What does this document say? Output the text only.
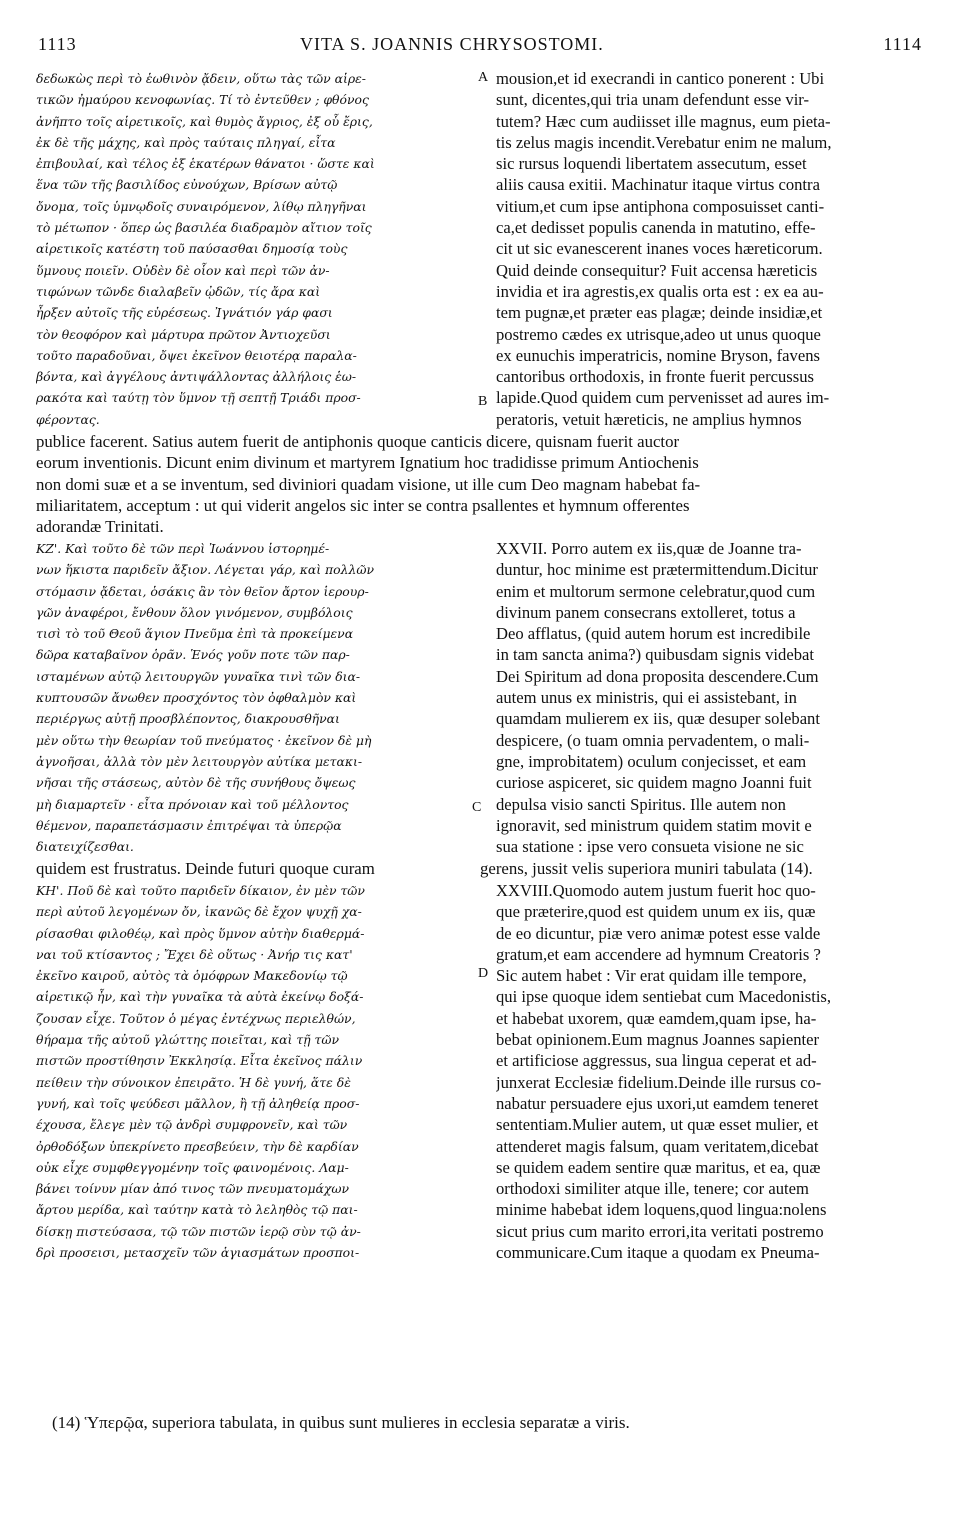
1113	VITA S. JOANNIS CHRYSOSTOMI.	1114
δεδωκὼς περὶ τὸ ἑωθινὸν ᾄδειν, οὕτω τὰς τῶν αἱρε-
τικῶν ἠμαύρου κενοφωνίας. Τί τὸ ἐντεῦθεν ; φθόνος
ἀνῆπτο τοῖς αἱρετικοῖς, καὶ θυμὸς ἄγριος, ἐξ οὗ ἔρις,
ἐκ δὲ τῆς μάχης, καὶ πρὸς ταύταις πληγαί, εἶτα
ἐπιβουλαί, καὶ τέλος ἐξ ἑκατέρων θάνατοι · ὥστε καὶ
ἕνα τῶν τῆς βασιλίδος εὐνούχων, Βρίσων αὐτῷ
ὄνομα, τοῖς ὑμνῳδοῖς συναιρόμενον, λίθῳ πληγῆναι
τὸ μέτωπον · ὅπερ ὡς βασιλέα διαδραμὸν αἴτιον τοῖς
αἱρετικοῖς κατέστη τοῦ παύσασθαι δημοσίᾳ τοὺς
ὕμνους ποιεῖν. Οὐδὲν δὲ οἷον καὶ περὶ τῶν ἀν-
τιφώνων τῶνδε διαλαβεῖν ᾠδῶν, τίς ἄρα καὶ
ἦρξεν αὐτοῖς τῆς εὑρέσεως. Ἰγνάτιόν γάρ φασι
τὸν θεοφόρον καὶ μάρτυρα πρῶτον Ἀντιοχεῦσι
τοῦτο παραδοῦναι, ὄψει ἐκεῖνον θειοτέρᾳ παραλα-
βόντα, καὶ ἀγγέλους ἀντιψάλλοντας ἀλλήλοις ἑω-
ρακότα καὶ ταύτῃ τὸν ὕμνον τῇ σεπτῇ Τριάδι προσ-
φέροντας.
mousion,et id execrandi in cantico ponerent : Ubi
sunt, dicentes,qui tria unam defendunt esse vir-
tutem? Hæc cum audiisset ille magnus, eum pieta-
tis zelus magis incendit.Verebatur enim ne malum,
sic rursus loquendi libertatem assecutum, esset
aliis causa exitii. Machinatur itaque virtus contra
vitium,et cum ipse antiphona composuisset canti-
ca,et dedisset populis canenda in matutino, effe-
cit ut sic evanescerent inanes voces hæreticorum.
Quid deinde consequitur? Fuit accensa hæreticis
invidia et ira agrestis,ex qualis orta est : ex ea au-
tem pugnæ,et præter eas plagæ; deinde insidiæ,et
postremo cædes ex utrisque,adeo ut unus quoque
ex eunuchis imperatricis, nomine Bryson, favens
cantoribus orthodoxis, in fronte fuerit percussus
lapide.Quod quidem cum pervenisset ad aures im-
peratoris, vetuit hæreticis, ne amplius hymnos
A
B
publice facerent. Satius autem fuerit de antiphonis quoque canticis dicere, quisnam fuerit auctor
eorum inventionis. Dicunt enim divinum et martyrem Ignatium hoc tradidisse primum Antiochenis
non domi suæ et a se inventum, sed diviniori quadam visione, ut ille cum Deo magnam habebat fa-
miliaritatem, acceptum : ut qui viderit angelos sic inter se contra psallentes et hymnum offerentes
adorandæ Trinitati.
ΚΖ'. Καὶ τοῦτο δὲ τῶν περὶ Ἰωάννου ἱστορημέ-
νων ἥκιστα παριδεῖν ἄξιον. Λέγεται γάρ, καὶ πολλῶν
στόμασιν ᾄδεται, ὁσάκις ἂν τὸν θεῖον ἄρτον ἱερουρ-
γῶν ἀναφέροι, ἔνθουν ὅλον γινόμενον, συμβόλοις
τισὶ τὸ τοῦ Θεοῦ ἅγιον Πνεῦμα ἐπὶ τὰ προκείμενα
δῶρα καταβαῖνον ὁρᾶν. Ἑνός γοῦν ποτε τῶν παρ-
ισταμένων αὐτῷ λειτουργῶν γυναῖκα τινὶ τῶν δια-
κυπτουσῶν ἄνωθεν προσχόντος τὸν ὀφθαλμὸν καὶ
περιέργως αὐτῇ προσβλέποντος, διακρουσθῆναι
μὲν οὕτω τὴν θεωρίαν τοῦ πνεύματος · ἐκεῖνον δὲ μὴ
ἀγνοῆσαι, ἀλλὰ τὸν μὲν λειτουργὸν αὐτίκα μετακι-
νῆσαι τῆς στάσεως, αὐτὸν δὲ τῆς συνήθους ὄψεως
μὴ διαμαρτεῖν · εἶτα πρόνοιαν καὶ τοῦ μέλλοντος
θέμενον, παραπετάσμασιν ἐπιτρέψαι τὰ ὑπερῷα
διατειχίζεσθαι.
XXVII. Porro autem ex iis,quæ de Joanne tra-
duntur, hoc minime est prætermittendum.Dicitur
enim et multorum sermone celebratur,quod cum
divinum panem consecrans extolleret, totus a
Deo afflatus, (quid autem horum est incredibile
in tam sancta anima?) quibusdam signis videbat
Dei Spiritum ad dona proposita descendere.Cum
autem unus ex ministris, qui ei assistebant, in
quamdam mulierem ex iis, quæ desuper solebant
despicere, (o tuam omnia pervadentem, o mali-
gne, improbitatem) oculum conjecisset, et eam
curiose aspiceret, sic quidem magno Joanni fuit
depulsa visio sancti Spiritus. Ille autem non
ignoravit, sed ministrum quidem statim movit e
sua statione : ipse vero consueta visione ne sic
C
quidem est frustratus. Deinde futuri quoque curam	gerens, jussit velis superiora muniri tabulata (14).
ΚΗ'. Ποῦ δὲ καὶ τοῦτο παριδεῖν δίκαιον, ἐν μὲν τῶν
περὶ αὐτοῦ λεγομένων ὄν, ἱκανῶς δὲ ἔχον ψυχῇ χα-
ρίσασθαι φιλοθέῳ, καὶ πρὸς ὕμνον αὐτὴν διαθερμά-
ναι τοῦ κτίσαντος ; Ἔχει δὲ οὕτως · Ἀνήρ τις κατ'
ἐκεῖνο καιροῦ, αὐτὸς τὰ ὁμόφρων Μακεδονίῳ τῷ
αἱρετικῷ ἦν, καὶ τὴν γυναῖκα τὰ αὐτὰ ἐκείνῳ δοξά-
ζουσαν εἶχε. Τοῦτον ὁ μέγας ἐντέχνως περιελθών,
θήραμα τῆς αὐτοῦ γλώττης ποιεῖται, καὶ τῇ τῶν
πιστῶν προστίθησιν Ἐκκλησίᾳ. Εἶτα ἐκεῖνος πάλιν
πείθειν τὴν σύνοικον ἐπειρᾶτο. Ἡ δὲ γυνή, ἅτε δὲ
γυνή, καὶ τοῖς ψεύδεσι μᾶλλον, ἢ τῇ ἀληθείᾳ προσ-
έχουσα, ἔλεγε μὲν τῷ ἀνδρὶ συμφρονεῖν, καὶ τῶν
ὀρθοδόξων ὑπεκρίνετο πρεσβεύειν, τὴν δὲ καρδίαν
οὐκ εἶχε συμφθεγγομένην τοῖς φαινομένοις. Λαμ-
βάνει τοίνυν μίαν ἀπό τινος τῶν πνευματομάχων
ἄρτου μερίδα, καὶ ταύτην κατὰ τὸ λεληθὸς τῷ παι-
δίσκῃ πιστεύσασα, τῷ τῶν πιστῶν ἱερῷ σὺν τῷ ἀν-
δρὶ προσεισι, μετασχεῖν τῶν ἁγιασμάτων προσποι-
XXVIII.Quomodo autem justum fuerit hoc quo-
que præterire,quod est quidem unum ex iis, quæ
de eo dicuntur, piæ vero animæ potest esse valde
gratum,et eam accendere ad hymnum Creatoris ?
Sic autem habet : Vir erat quidam ille tempore,
qui ipse quoque idem sentiebat cum Macedonistis,
et habebat uxorem, quæ eamdem,quam ipse, ha-
bebat opinionem.Eum magnus Joannes sapienter
et artificiose aggressus, sua lingua ceperat et ad-
junxerat Ecclesiæ fidelium.Deinde ille rursus co-
nabatur persuadere ejus uxori,ut eamdem teneret
sententiam.Mulier autem, ut quæ esset mulier, et
attenderet magis falsum, quam veritatem,dicebat
se quidem eadem sentire quæ maritus, et ea, quæ
orthodoxi similiter atque ille, tenere; cor autem
minime habebat idem loquens,quod lingua:nolens
sicut prius cum marito errori,ita veritati postremo
communicare.Cum itaque a quodam ex Pneuma-
D
(14) Ὑπερῷα, superiora tabulata, in quibus sunt mulieres in ecclesia separatæ a viris.
